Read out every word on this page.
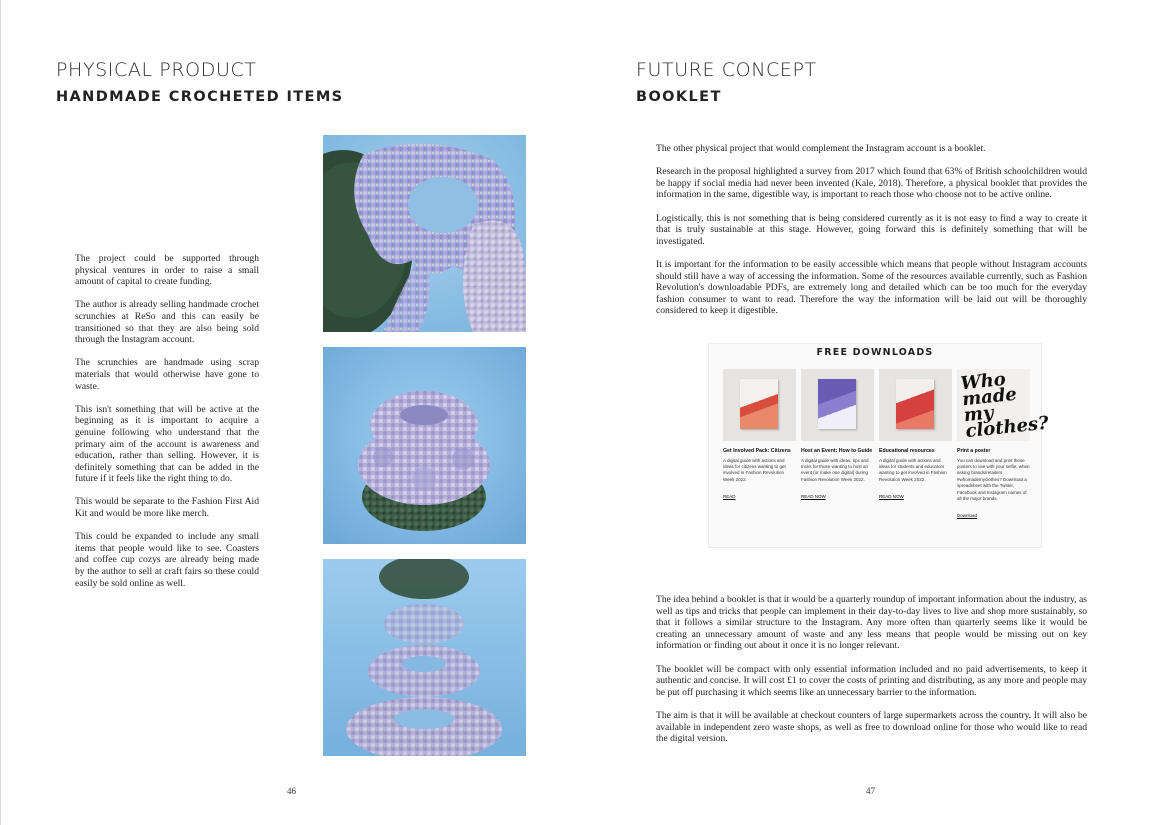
PHYSICAL PRODUCT
HANDMADE CROCHETED ITEMS

The project could be supported through physical ventures in order to raise a small amount of capital to create funding.

The author is already selling handmade crochet scrunchies at ReSo and this can easily be transitioned so that they are also being sold through the Instagram account.

The scrunchies are handmade using scrap materials that would otherwise have gone to waste.

This isn't something that will be active at the beginning as it is important to acquire a genuine following who understand that the primary aim of the account is awareness and education, rather than selling. However, it is definitely something that can be added in the future if it feels like the right thing to do.

This would be separate to the Fashion First Aid Kit and would be more like merch.

This could be expanded to include any small items that people would like to see. Coasters and coffee cup cozys are already being made by the author to sell at craft fairs so these could easily be sold online as well.

46
FUTURE CONCEPT
BOOKLET

The other physical project that would complement the Instagram account is a booklet.

Research in the proposal highlighted a survey from 2017 which found that 63% of British schoolchildren would be happy if social media had never been invented (Kale, 2018). Therefore, a physical booklet that provides the information in the same, digestible way, is important to reach those who choose not to be active online.

Logistically, this is not something that is being considered currently as it is not easy to find a way to create it that is truly sustainable at this stage. However, going forward this is definitely something that will be investigated.

It is important for the information to be easily accessible which means that people without Instagram accounts should still have a way of accessing the information. Some of the resources available currently, such as Fashion Revolution's downloadable PDFs, are extremely long and detailed which can be too much for the everyday fashion consumer to want to read. Therefore the way the information will be laid out will be thoroughly considered to keep it digestible.

FREE DOWNLOADS
Get Involved Pack: Citizens
A digital guide with actions and ideas for citizens wanting to get involved in Fashion Revolution Week 2022.
READ
Host an Event: How to Guide
A digital guide with ideas, tips and tricks for those wanting to host an event (or make one digital) during Fashion Revolution Week 2022.
READ NOW
Educational resources
A digital guide with actions and ideas for students and educators wanting to get involved in Fashion Revolution Week 2022.
READ NOW
Who made my clothes?
Print a poster
You can download and print these posters to use with your selfie, when asking brands/retailers #whomademyclothes? Download a spreadsheet with the Twitter, Facebook and Instagram names of all the major brands.
Download

The idea behind a booklet is that it would be a quarterly roundup of important information about the industry, as well as tips and tricks that people can implement in their day-to-day lives to live and shop more sustainably, so that it follows a similar structure to the Instagram. Any more often than quarterly seems like it would be creating an unnecessary amount of waste and any less means that people would be missing out on key information or finding out about it once it is no longer relevant.

The booklet will be compact with only essential information included and no paid advertisements, to keep it authentic and concise. It will cost £1 to cover the costs of printing and distributing, as any more and people may be put off purchasing it which seems like an unnecessary barrier to the information.

The aim is that it will be available at checkout counters of large supermarkets across the country. It will also be available in independent zero waste shops, as well as free to download online for those who would like to read the digital version.

47
